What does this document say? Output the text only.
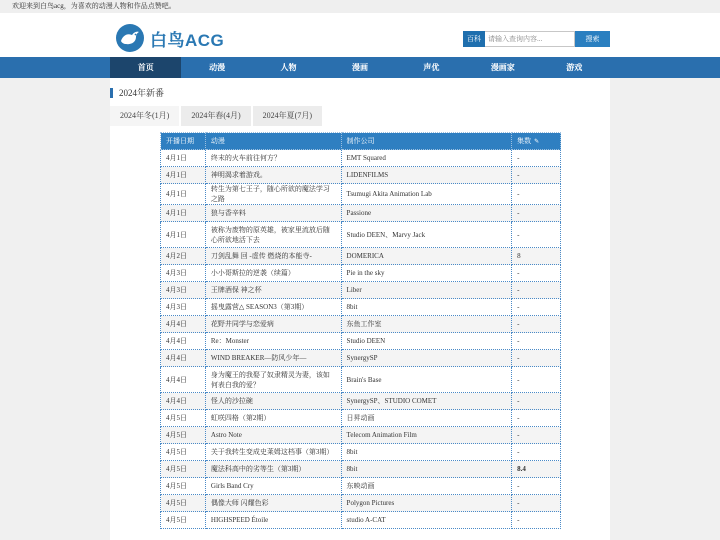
欢迎来到白鸟acg，为喜欢的动漫人物和作品点赞吧。
白鸟ACG	百科
请输入查询内容...	搜索
首页	动漫	人物	漫画	声优	漫画家	游戏
2024年新番
2024年冬(1月)	2024年春(4月)	2024年夏(7月)
开播日期	动漫	制作公司	集数 ✎
4月1日	终末的火车前往何方？	EMT Squared	-
4月1日	神明渴求着游戏。	LIDENFILMS	-
4月1日	转生为第七王子，随心所欲的魔法学习之路	Tsumugi Akita Animation Lab	-
4月1日	狼与香辛料	Passione	-
4月1日	被称为废物的原英雄，被家里流放后随心所欲地活下去	Studio DEEN、Marvy Jack	-
4月2日	刀剑乱舞 回 -虚传 燃烧的本能寺-	DOMERICA	8
4月3日	小小哥斯拉的逆袭（续篇）	Pie in the sky	-
4月3日	王牌酒保 神之杯	Liber	-
4月3日	摇曳露营△ SEASON3（第3期）	8bit	-
4月4日	花野井同学与恋爱病	东鱼工作室	-
4月4日	Re：Monster	Studio DEEN	-
4月4日	WIND BREAKER—防风少年—	SynergySP	-
4月4日	身为魔王的我娶了奴隶精灵为妻，该如何表白我的爱？	Brain's Base	-
4月4日	怪人的沙拉碗	SynergySP、STUDIO COMET	-
4月5日	虹咲四格（第2期）	日昇动画	-
4月5日	Astro Note	Telecom Animation Film	-
4月5日	关于我转生变成史莱姆这档事（第3期）	8bit	-
4月5日	魔法科高中的劣等生（第3期）	8bit	8.4
4月5日	Girls Band Cry	东映动画	-
4月5日	偶像大师 闪耀色彩	Polygon Pictures	-
4月5日	HIGHSPEED Étoile	studio A-CAT	-
